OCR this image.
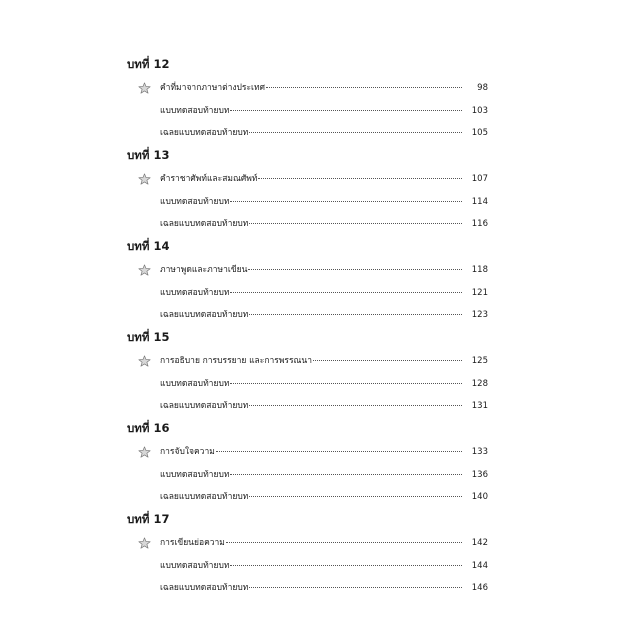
บทที่ 12
คำที่มาจากภาษาต่างประเทศ	98
แบบทดสอบท้ายบท	103
เฉลยแบบทดสอบท้ายบท	105
บทที่ 13
คำราชาศัพท์และสมณศัพท์	107
แบบทดสอบท้ายบท	114
เฉลยแบบทดสอบท้ายบท	116
บทที่ 14
ภาษาพูดและภาษาเขียน	118
แบบทดสอบท้ายบท	121
เฉลยแบบทดสอบท้ายบท	123
บทที่ 15
การอธิบาย การบรรยาย และการพรรณนา	125
แบบทดสอบท้ายบท	128
เฉลยแบบทดสอบท้ายบท	131
บทที่ 16
การจับใจความ	133
แบบทดสอบท้ายบท	136
เฉลยแบบทดสอบท้ายบท	140
บทที่ 17
การเขียนย่อความ	142
แบบทดสอบท้ายบท	144
เฉลยแบบทดสอบท้ายบท	146
